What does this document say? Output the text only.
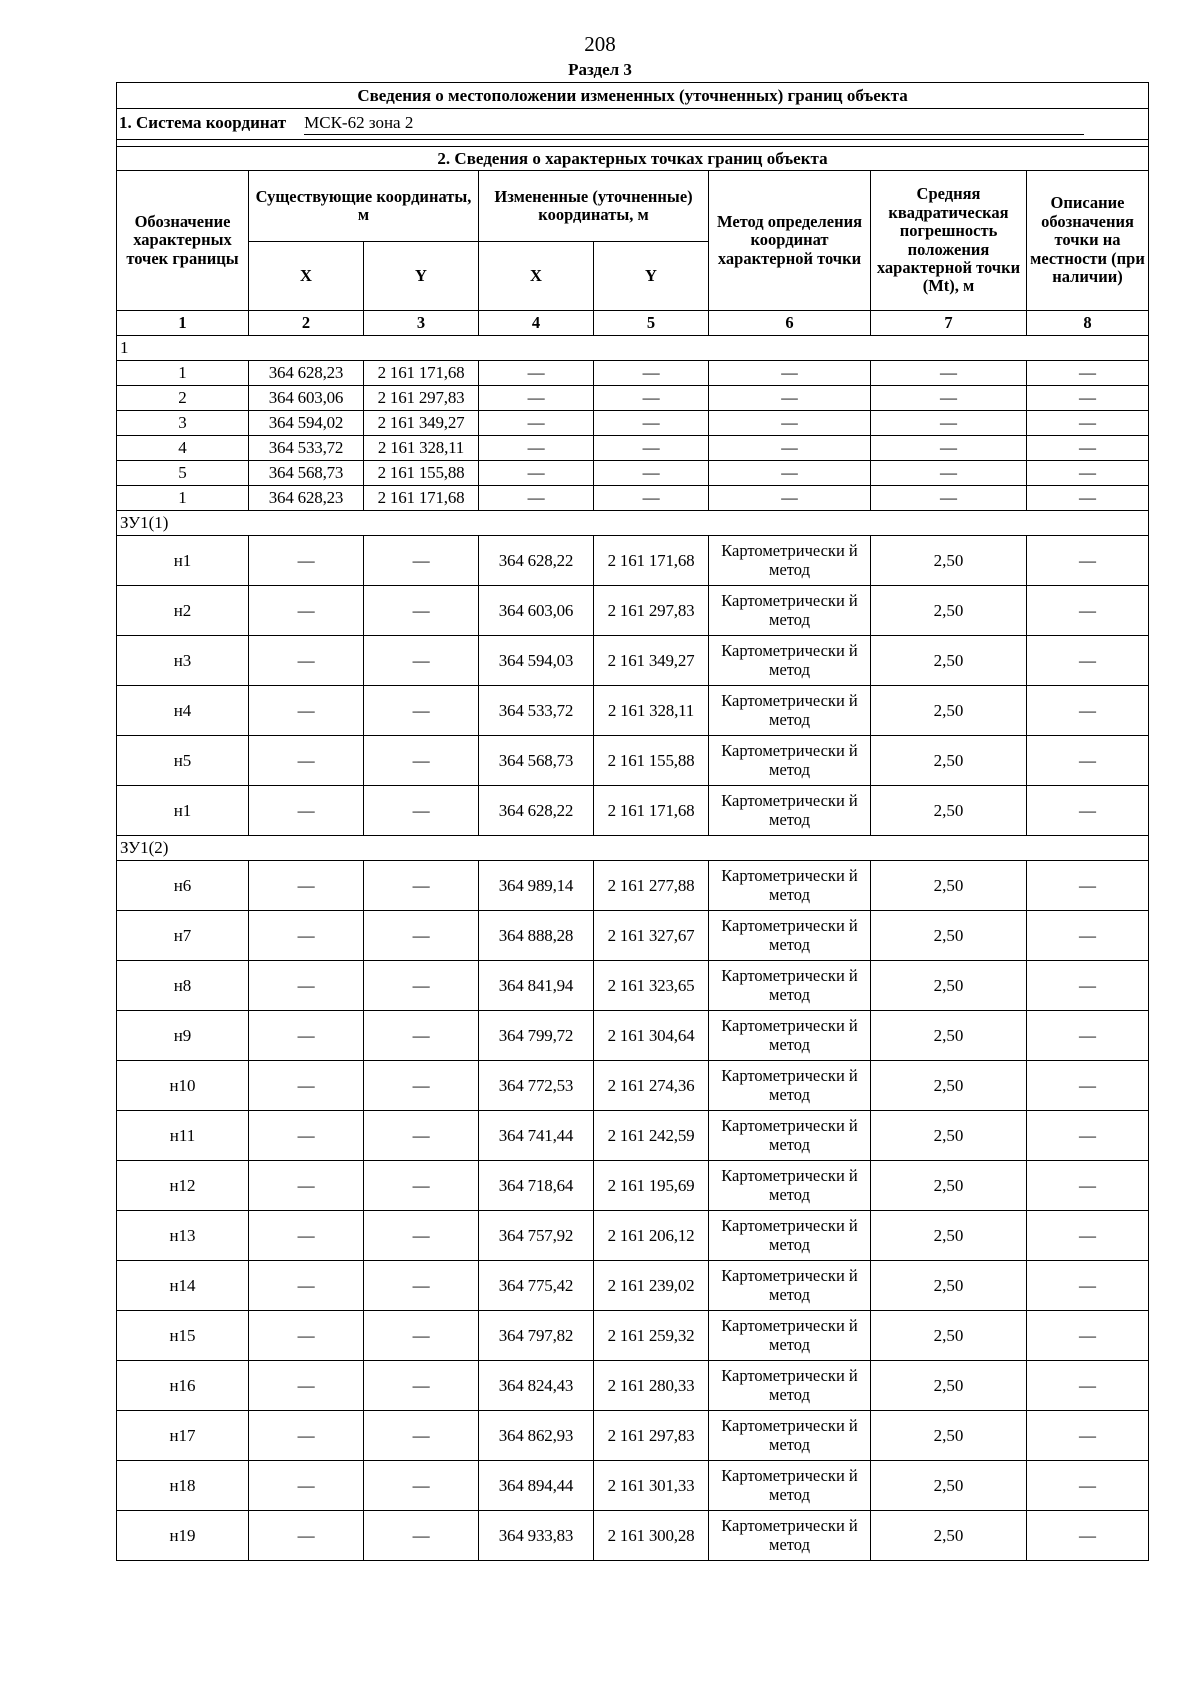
208
Раздел 3
Сведения о местоположении измененных (уточненных) границ объекта							
1. Система координат МСК-62 зона 2							

2. Сведения о характерных точках границ объекта							
Обозначение характерных точек границы	Существующие координаты, м		Измененные (уточненные) координаты, м		Метод определения координат характерной точки	Средняя квадратическая погрешность положения характерной точки (Mt), м	Описание обозначения точки на местности (при наличии)
	X	Y	X	Y			
1	2	3	4	5	6	7	8
1							
1	364 628,23	2 161 171,68	—	—	—	—	—
2	364 603,06	2 161 297,83	—	—	—	—	—
3	364 594,02	2 161 349,27	—	—	—	—	—
4	364 533,72	2 161 328,11	—	—	—	—	—
5	364 568,73	2 161 155,88	—	—	—	—	—
1	364 628,23	2 161 171,68	—	—	—	—	—
ЗУ1(1)							
н1	—	—	364 628,22	2 161 171,68	Картометрически й метод	2,50	—
н2	—	—	364 603,06	2 161 297,83	Картометрически й метод	2,50	—
н3	—	—	364 594,03	2 161 349,27	Картометрически й метод	2,50	—
н4	—	—	364 533,72	2 161 328,11	Картометрически й метод	2,50	—
н5	—	—	364 568,73	2 161 155,88	Картометрически й метод	2,50	—
н1	—	—	364 628,22	2 161 171,68	Картометрически й метод	2,50	—
ЗУ1(2)							
н6	—	—	364 989,14	2 161 277,88	Картометрически й метод	2,50	—
н7	—	—	364 888,28	2 161 327,67	Картометрически й метод	2,50	—
н8	—	—	364 841,94	2 161 323,65	Картометрически й метод	2,50	—
н9	—	—	364 799,72	2 161 304,64	Картометрически й метод	2,50	—
н10	—	—	364 772,53	2 161 274,36	Картометрически й метод	2,50	—
н11	—	—	364 741,44	2 161 242,59	Картометрически й метод	2,50	—
н12	—	—	364 718,64	2 161 195,69	Картометрически й метод	2,50	—
н13	—	—	364 757,92	2 161 206,12	Картометрически й метод	2,50	—
н14	—	—	364 775,42	2 161 239,02	Картометрически й метод	2,50	—
н15	—	—	364 797,82	2 161 259,32	Картометрически й метод	2,50	—
н16	—	—	364 824,43	2 161 280,33	Картометрически й метод	2,50	—
н17	—	—	364 862,93	2 161 297,83	Картометрически й метод	2,50	—
н18	—	—	364 894,44	2 161 301,33	Картометрически й метод	2,50	—
н19	—	—	364 933,83	2 161 300,28	Картометрически й метод	2,50	—
